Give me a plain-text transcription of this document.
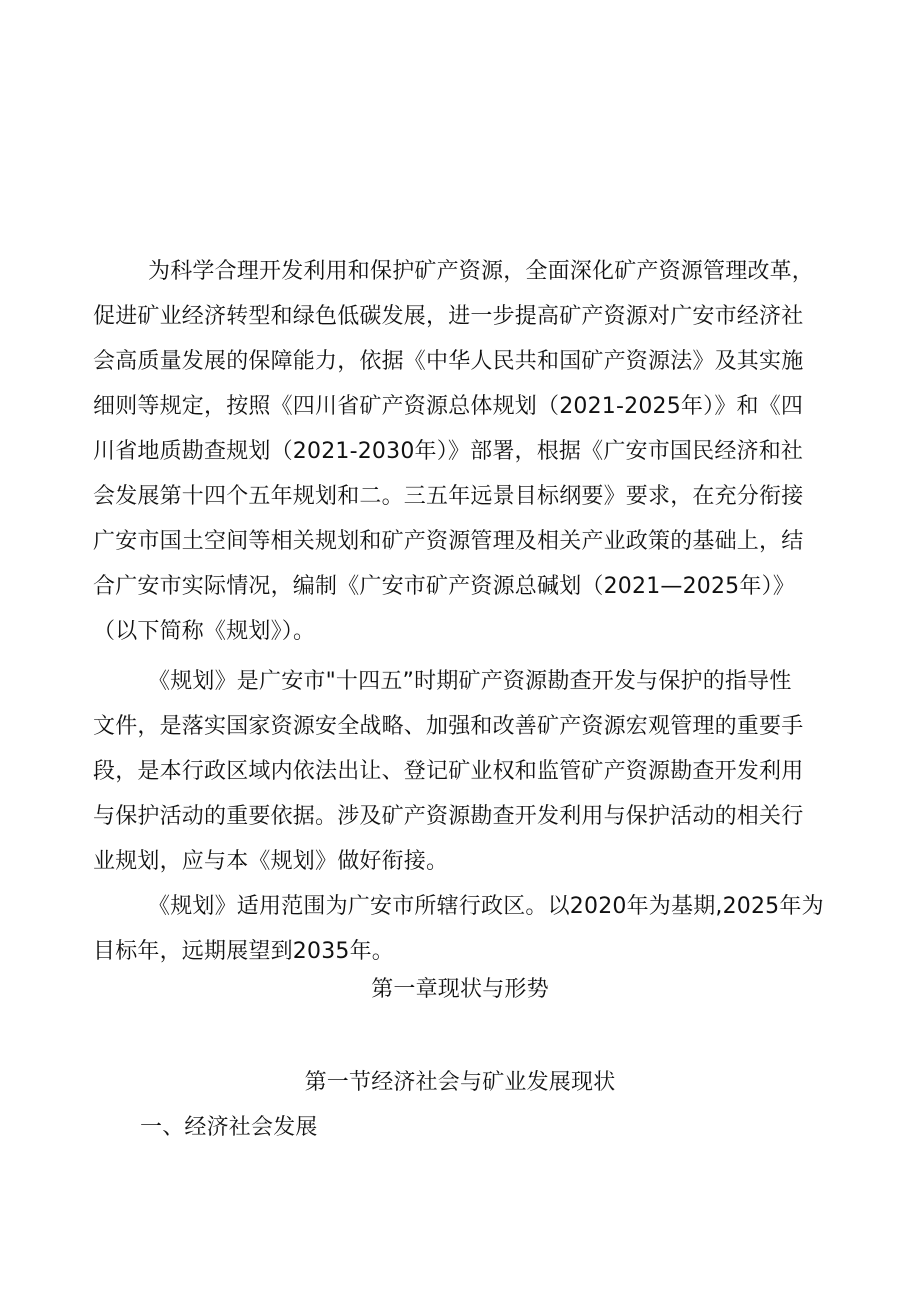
为科学合理开发利用和保护矿产资源，全面深化矿产资源管理改革，
促进矿业经济转型和绿色低碳发展，进一步提高矿产资源对广安市经济社
会高质量发展的保障能力，依据《中华人民共和国矿产资源法》及其实施
细则等规定，按照《四川省矿产资源总体规划（2021-2025年）》和《四
川省地质勘查规划（2021-2030年）》部署，根据《广安市国民经济和社
会发展第十四个五年规划和二。三五年远景目标纲要》要求，在充分衔接
广安市国土空间等相关规划和矿产资源管理及相关产业政策的基础上，结
合广安市实际情况，编制《广安市矿产资源总碱划（2021—2025年）》
（以下简称《规划》）。
《规划》是广安市"十四五”时期矿产资源勘查开发与保护的指导性
文件，是落实国家资源安全战略、加强和改善矿产资源宏观管理的重要手
段，是本行政区域内依法出让、登记矿业权和监管矿产资源勘查开发利用
与保护活动的重要依据。涉及矿产资源勘查开发利用与保护活动的相关行
业规划，应与本《规划》做好衔接。
《规划》适用范围为广安市所辖行政区。以2020年为基期,2025年为
目标年，远期展望到2035年。
第一章现状与形势
第一节经济社会与矿业发展现状
一、经济社会发展
